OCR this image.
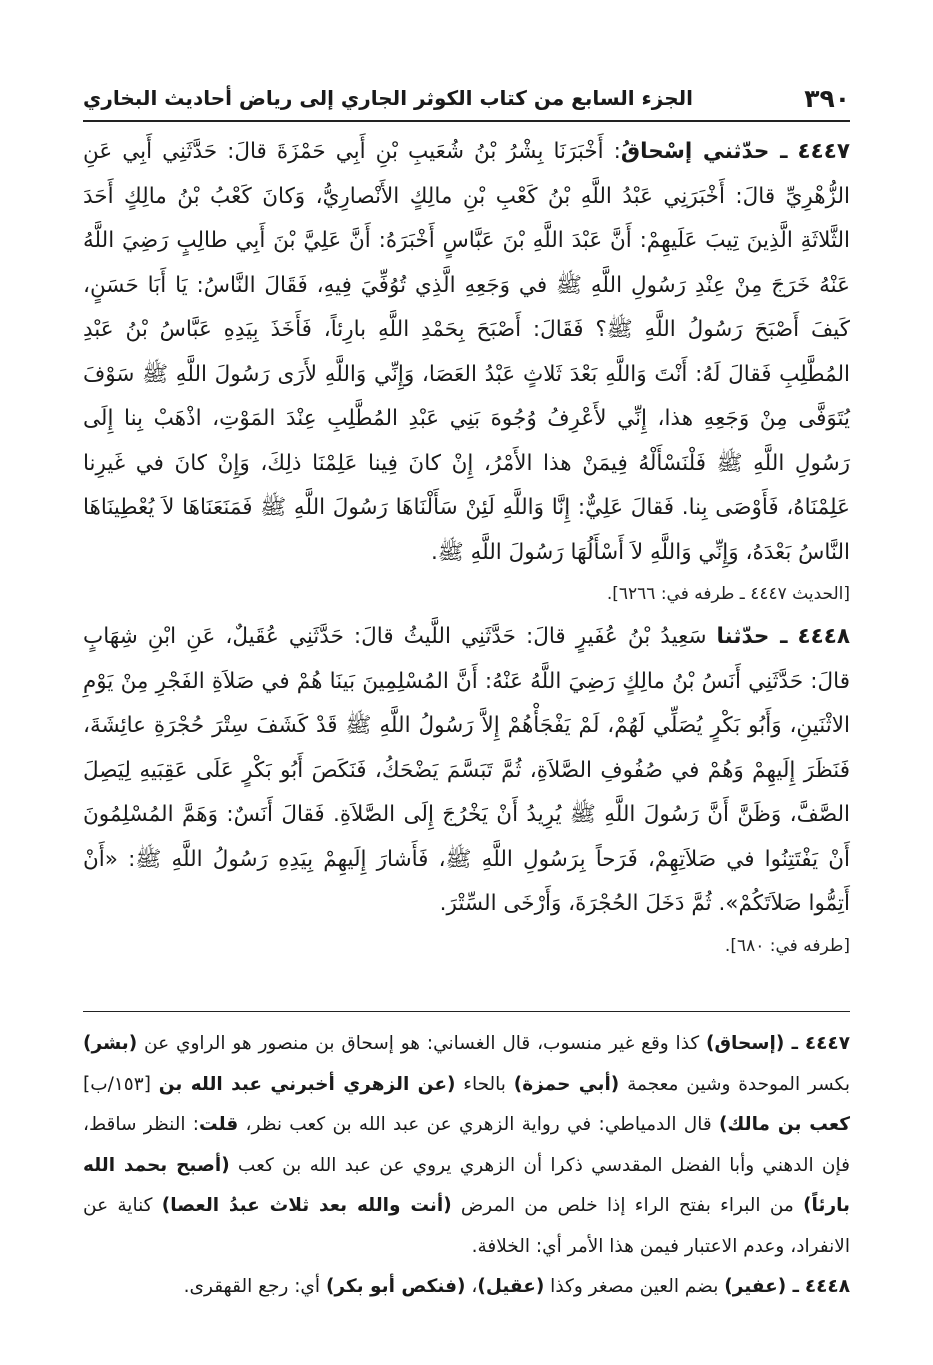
٣٩٠
الجزء السابع من كتاب الكوثر الجاري إلى رياض أحاديث البخاري

٤٤٤٧ ـ حدّثني إسْحاقُ: أَخْبَرَنَا بِشْرُ بْنُ شُعَيبِ بْنِ أَبِي حَمْزَةَ قالَ: حَدَّثَنِي أَبِي عَنِ الزُّهْرِيِّ قالَ: أَخْبَرَنِي عَبْدُ اللَّهِ بْنُ كَعْبِ بْنِ مالِكٍ الأَنْصارِيُّ، وَكانَ كَعْبُ بْنُ مالِكٍ أَحَدَ الثَّلاثَةِ الَّذِينَ تِيبَ عَلَيهِمْ: أَنَّ عَبْدَ اللَّهِ بْنَ عَبَّاسٍ أَخْبَرَهُ: أَنَّ عَلِيَّ بْنَ أَبِي طالِبٍ رَضِيَ اللَّهُ عَنْهُ خَرَجَ مِنْ عِنْدِ رَسُولِ اللَّهِ ﷺ في وَجَعِهِ الَّذِي تُوُفِّيَ فِيهِ، فَقَالَ النَّاسُ: يَا أَبَا حَسَنٍ، كَيفَ أَصْبَحَ رَسُولُ اللَّهِ ﷺ؟ فَقَالَ: أَصْبَحَ بِحَمْدِ اللَّهِ بارِئاً، فَأَخَذَ بِيَدِهِ عَبَّاسُ بْنُ عَبْدِ المُطَّلِبِ فَقالَ لَهُ: أَنْتَ وَاللَّهِ بَعْدَ ثَلاثٍ عَبْدُ العَصَا، وَإِنِّي وَاللَّهِ لأَرَى رَسُولَ اللَّهِ ﷺ سَوْفَ يُتَوَفَّى مِنْ وَجَعِهِ هذا، إِنِّي لأَعْرِفُ وُجُوهَ بَنِي عَبْدِ المُطَّلِبِ عِنْدَ المَوْتِ، اذْهَبْ بِنا إِلَى رَسُولِ اللَّهِ ﷺ فَلْنَسْأَلْهُ فِيمَنْ هذا الأَمْرُ، إِنْ كانَ فِينا عَلِمْنَا ذلِكَ، وَإِنْ كانَ في غَيرِنا عَلِمْنَاهُ، فَأَوْصَى بِنا. فَقالَ عَلِيٌّ: إِنَّا وَاللَّهِ لَئِنْ سَأَلْنَاهَا رَسُولَ اللَّهِ ﷺ فَمَنَعَنَاهَا لاَ يُعْطِينَاهَا النَّاسُ بَعْدَهُ، وَإِنِّي وَاللَّهِ لاَ أَسْأَلُهَا رَسُولَ اللَّهِ ﷺ.

[الحديث ٤٤٤٧ ـ طرفه في: ٦٢٦٦].

٤٤٤٨ ـ حدّثنا سَعِيدُ بْنُ عُفَيرٍ قالَ: حَدَّثَنِي اللَّيثُ قالَ: حَدَّثَنِي عُقَيلٌ، عَنِ ابْنِ شِهَابٍ قالَ: حَدَّثَنِي أَنَسُ بْنُ مالِكٍ رَضِيَ اللَّهُ عَنْهُ: أَنَّ المُسْلِمِينَ بَينَا هُمْ في صَلاَةِ الفَجْرِ مِنْ يَوْمِ الاثْنَينِ، وَأَبُو بَكْرٍ يُصَلِّي لَهُمْ، لَمْ يَفْجَأْهُمْ إِلاَّ رَسُولُ اللَّهِ ﷺ قَدْ كَشَفَ سِتْرَ حُجْرَةِ عائِشَةَ، فَنَظَرَ إِلَيهِمْ وَهُمْ في صُفُوفِ الصَّلاَةِ، ثُمَّ تَبَسَّمَ يَضْحَكُ، فَنَكَصَ أَبُو بَكْرٍ عَلَى عَقِبَيهِ لِيَصِلَ الصَّفَّ، وَظَنَّ أَنَّ رَسُولَ اللَّهِ ﷺ يُرِيدُ أَنْ يَخْرُجَ إِلَى الصَّلاَةِ. فَقالَ أَنَسٌ: وَهَمَّ المُسْلِمُونَ أَنْ يَفْتَتِنُوا في صَلاَتِهِمْ، فَرَحاً بِرَسُولِ اللَّهِ ﷺ، فَأَشارَ إِلَيهِمْ بِيَدِهِ رَسُولُ اللَّهِ ﷺ: «أَنْ أَتِمُّوا صَلاَتَكُمْ». ثُمَّ دَخَلَ الحُجْرَةَ، وَأَرْخَى السِّتْرَ.

[طرفه في: ٦٨٠].

٤٤٤٧ ـ (إسحاق) كذا وقع غير منسوب، قال الغساني: هو إسحاق بن منصور هو الراوي عن (بشر) بكسر الموحدة وشين معجمة (أبي حمزة) بالحاء (عن الزهري أخبرني عبد الله بن [١٥٣/ب] كعب بن مالك) قال الدمياطي: في رواية الزهري عن عبد الله بن كعب نظر، قلت: النظر ساقط، فإن الدهني وأبا الفضل المقدسي ذكرا أن الزهري يروي عن عبد الله بن كعب (أصبح بحمد الله بارئاً) من البراء بفتح الراء إذا خلص من المرض (أنت والله بعد ثلاث عبدُ العصا) كناية عن الانفراد، وعدم الاعتبار فيمن هذا الأمر أي: الخلافة.

٤٤٤٨ ـ (عفير) بضم العين مصغر وكذا (عقيل)، (فنكص أبو بكر) أي: رجع القهقرى.
